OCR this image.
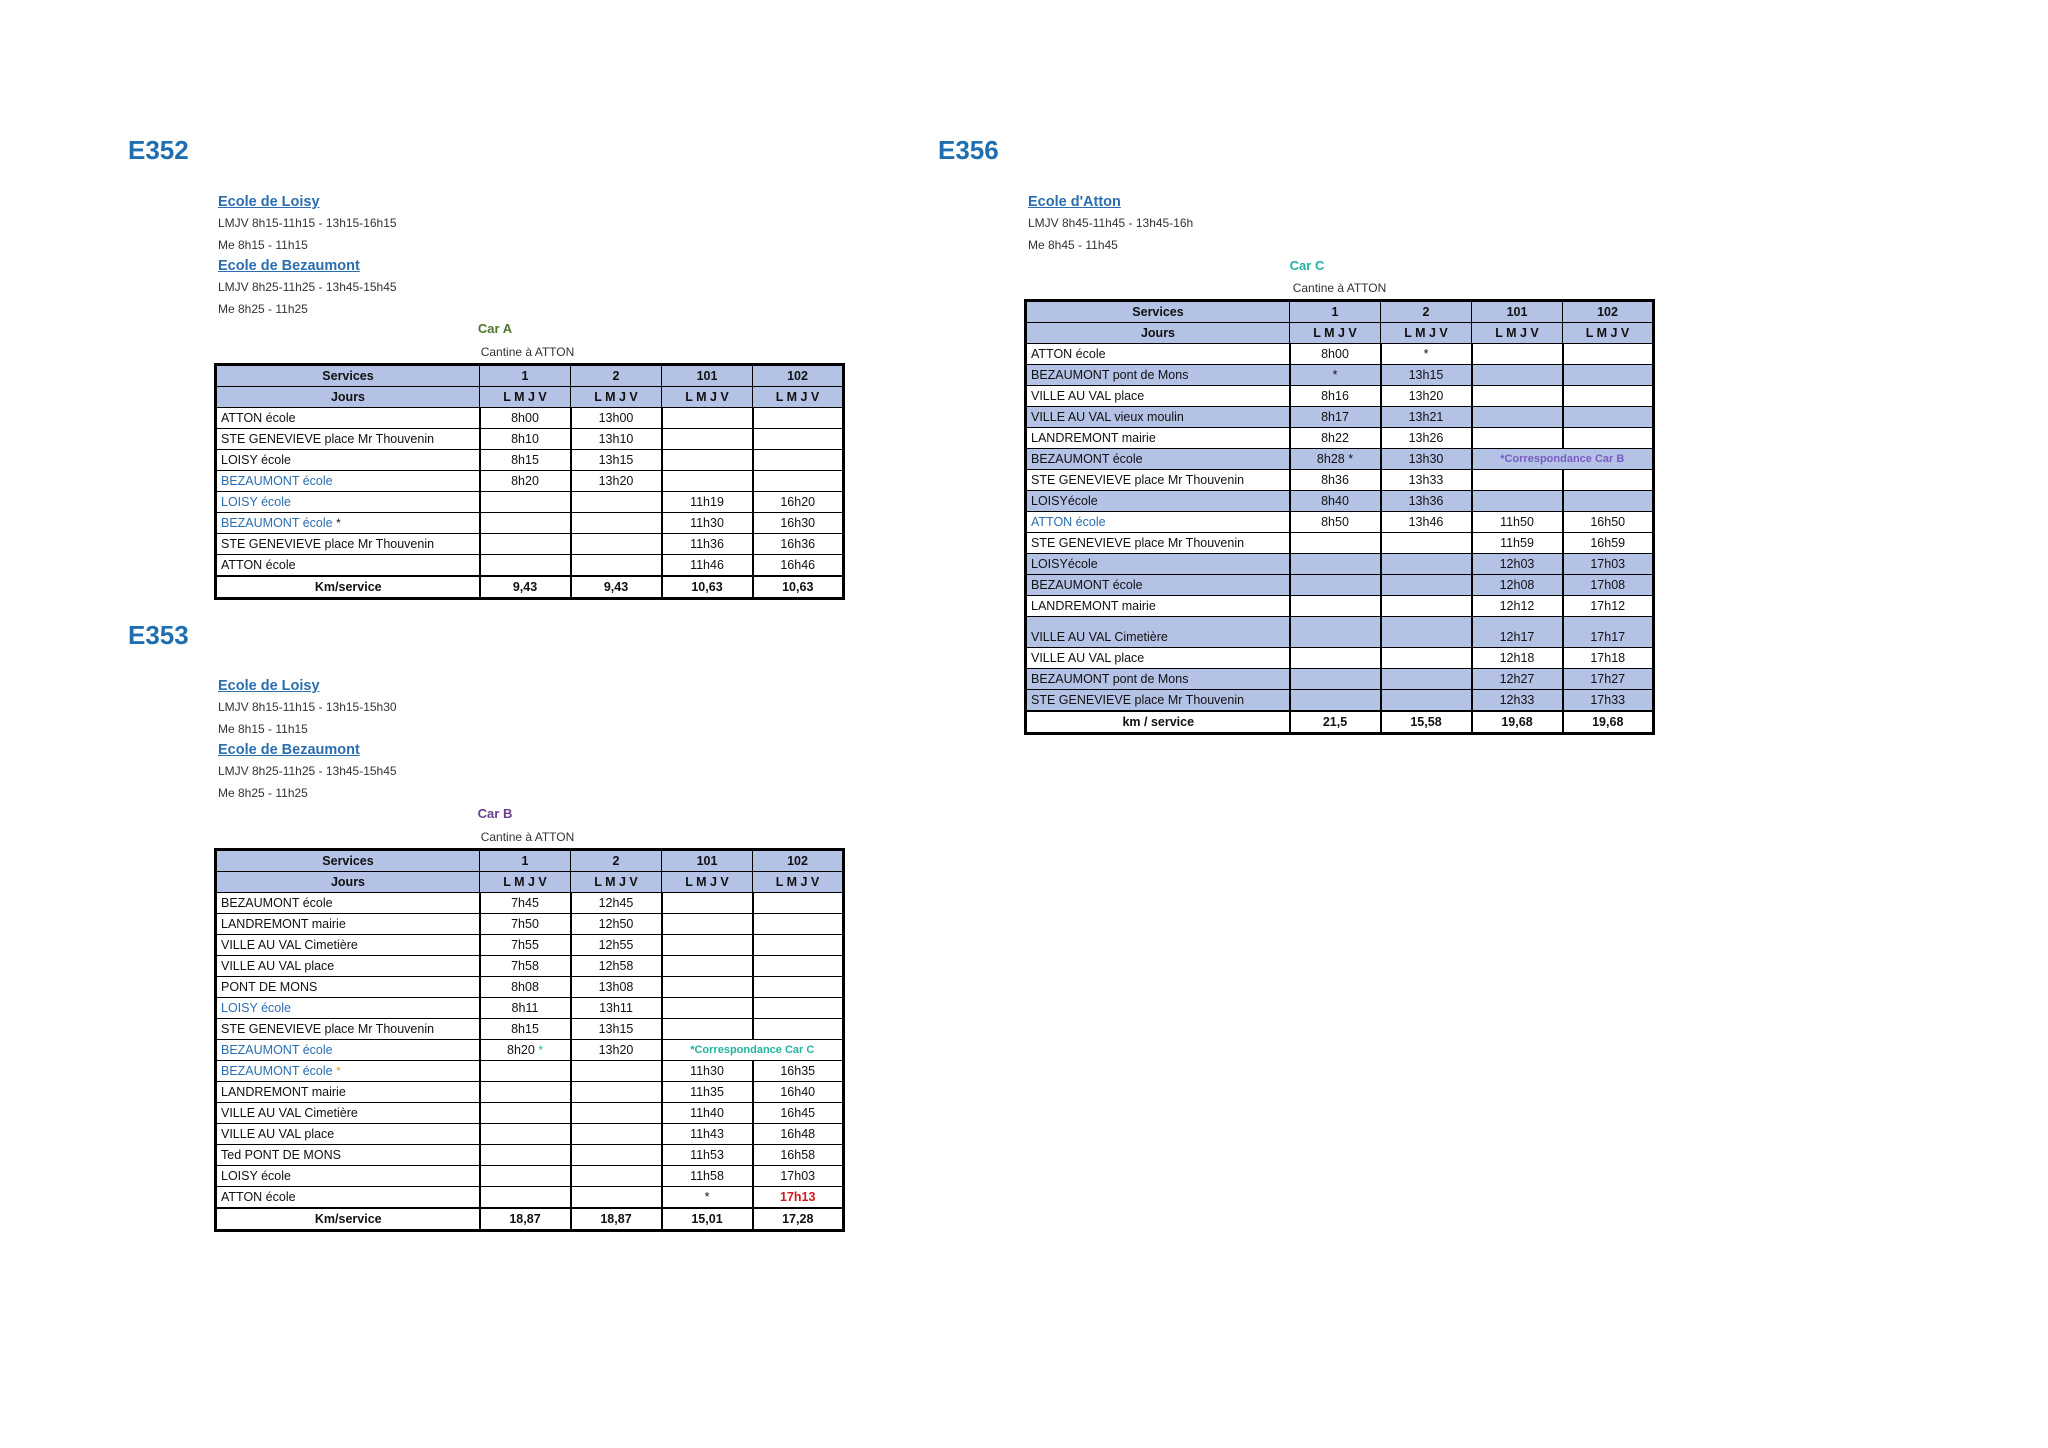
E352
Ecole de Loisy
LMJV 8h15-11h15 - 13h15-16h15
Me 8h15 - 11h15
Ecole de Bezaumont
LMJV 8h25-11h25 - 13h45-15h45
Me 8h25 - 11h25
Car A
Cantine à ATTON
Services	1	2	101	102
Jours	L M J V	L M J V	L M J V	L M J V
ATTON école	8h00	13h00		
STE GENEVIEVE place Mr Thouvenin	8h10	13h10		
LOISY école	8h15	13h15		
BEZAUMONT école	8h20	13h20		
LOISY école			11h19	16h20
BEZAUMONT école *			11h30	16h30
STE GENEVIEVE place Mr Thouvenin			11h36	16h36
ATTON école			11h46	16h46
Km/service	9,43	9,43	10,63	10,63
E353
Ecole de Loisy
LMJV 8h15-11h15 - 13h15-15h30
Me 8h15 - 11h15
Ecole de Bezaumont
LMJV 8h25-11h25 - 13h45-15h45
Me 8h25 - 11h25
Car B
Cantine à ATTON
Services	1	2	101	102
Jours	L M J V	L M J V	L M J V	L M J V
BEZAUMONT école	7h45	12h45		
LANDREMONT mairie	7h50	12h50		
VILLE AU VAL Cimetière	7h55	12h55		
VILLE AU VAL place	7h58	12h58		
PONT DE MONS	8h08	13h08		
LOISY école	8h11	13h11		
STE GENEVIEVE place Mr Thouvenin	8h15	13h15		
BEZAUMONT école	8h20 *	13h20	*Correspondance Car C	
BEZAUMONT école *			11h30	16h35
LANDREMONT mairie			11h35	16h40
VILLE AU VAL Cimetière			11h40	16h45
VILLE AU VAL place			11h43	16h48
Ted PONT DE MONS			11h53	16h58
LOISY école			11h58	17h03
ATTON école			*	17h13
Km/service	18,87	18,87	15,01	17,28
E356
Ecole d'Atton
LMJV 8h45-11h45 - 13h45-16h
Me 8h45 - 11h45
Car C
Cantine à ATTON
Services	1	2	101	102
Jours	L M J V	L M J V	L M J V	L M J V
ATTON école	8h00	*		
BEZAUMONT pont de Mons	*	13h15		
VILLE AU VAL place	8h16	13h20		
VILLE AU VAL vieux moulin	8h17	13h21		
LANDREMONT mairie	8h22	13h26		
BEZAUMONT école	8h28 *	13h30	*Correspondance Car B	
STE GENEVIEVE place Mr Thouvenin	8h36	13h33		
LOISYécole	8h40	13h36		
ATTON école	8h50	13h46	11h50	16h50
STE GENEVIEVE place Mr Thouvenin			11h59	16h59
LOISYécole			12h03	17h03
BEZAUMONT école			12h08	17h08
LANDREMONT mairie			12h12	17h12
VILLE AU VAL Cimetière			12h17	17h17
VILLE AU VAL place			12h18	17h18
BEZAUMONT pont de Mons			12h27	17h27
STE GENEVIEVE place Mr Thouvenin			12h33	17h33
km / service	21,5	15,58	19,68	19,68
